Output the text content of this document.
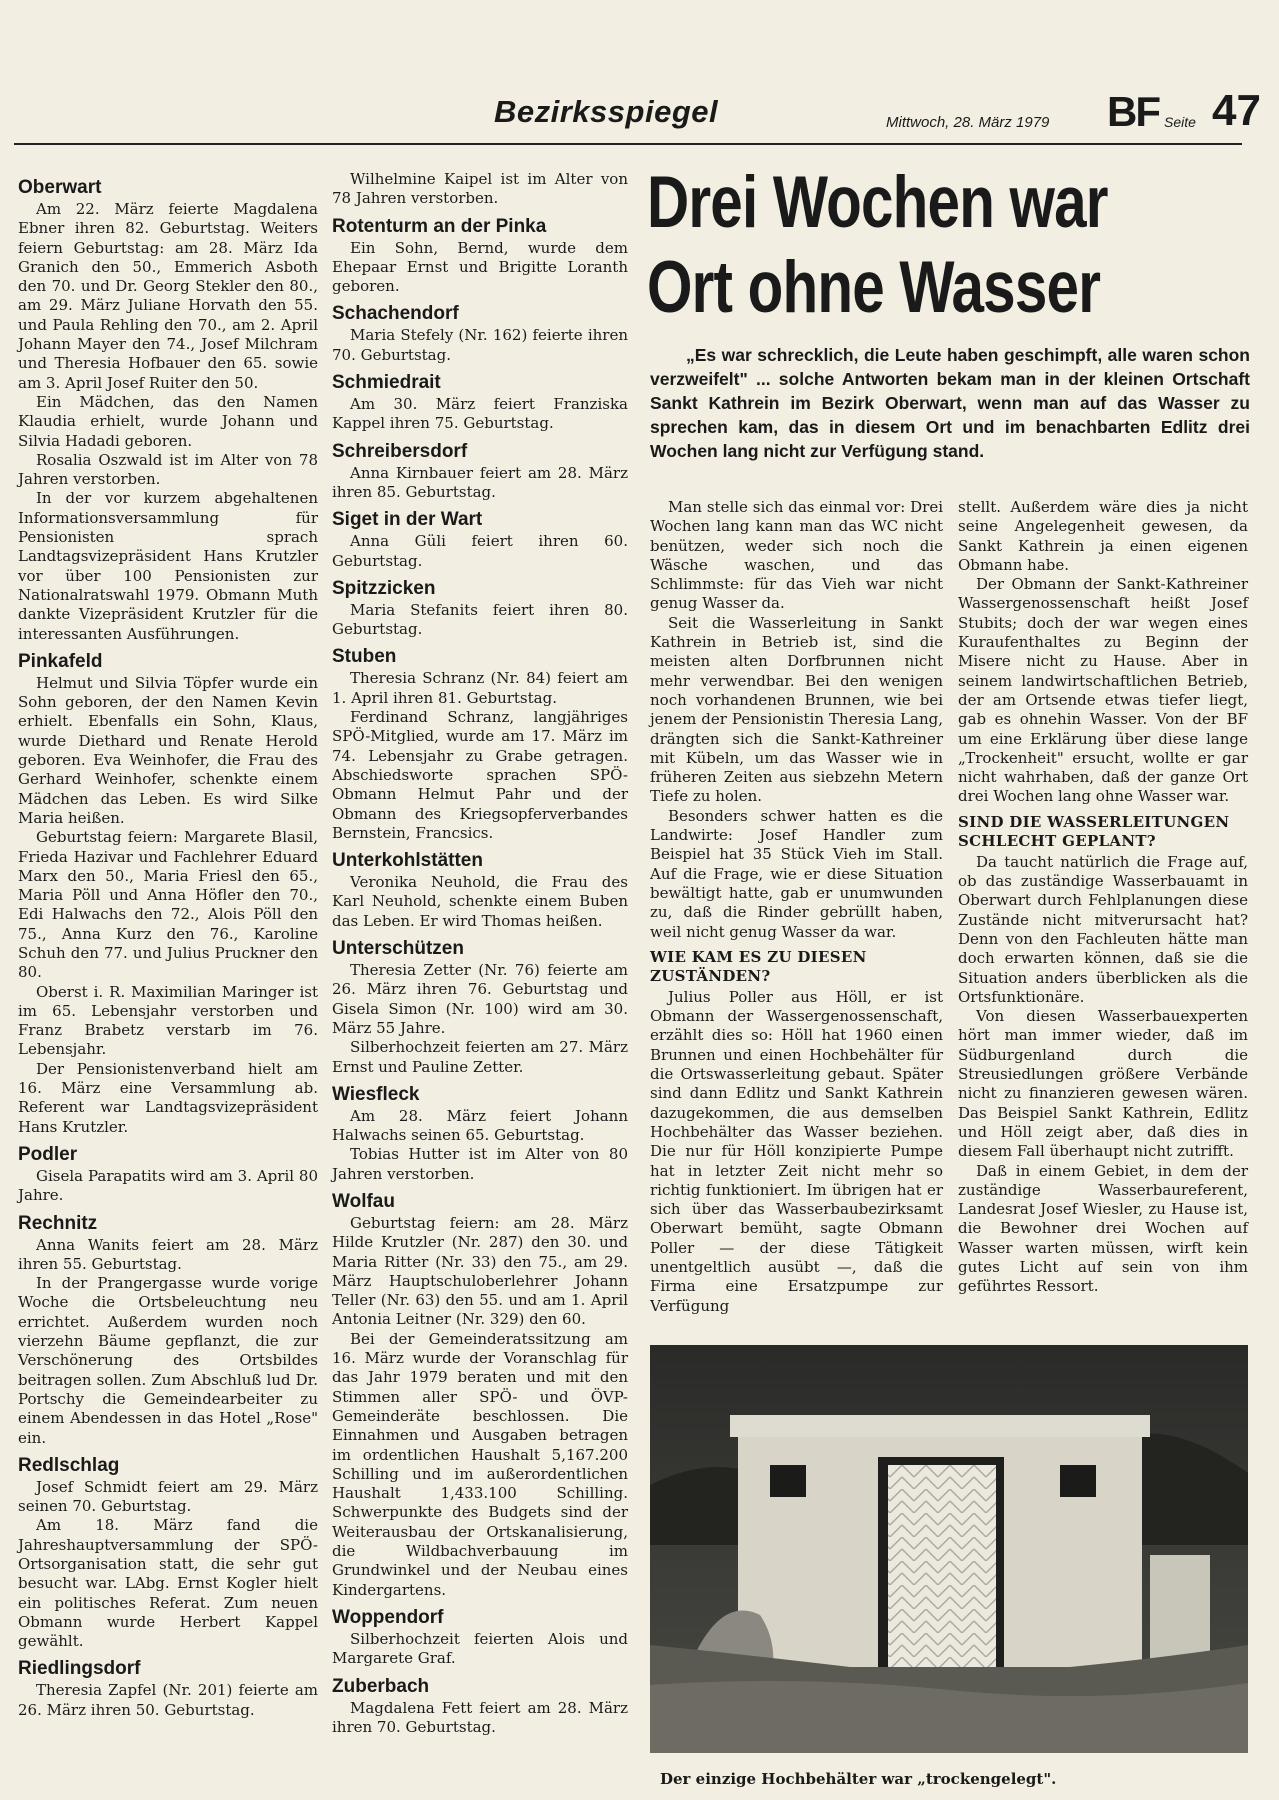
Bezirksspiegel	Mittwoch, 28. März 1979 BF Seite 47
Oberwart

Am 22. März feierte Magdalena Ebner ihren 82. Geburtstag. Weiters feiern Geburtstag: am 28. März Ida Granich den 50., Emmerich Asboth den 70. und Dr. Georg Stekler den 80., am 29. März Juliane Horvath den 55. und Paula Rehling den 70., am 2. April Johann Mayer den 74., Josef Milchram und Theresia Hofbauer den 65. sowie am 3. April Josef Ruiter den 50.

Ein Mädchen, das den Namen Klaudia erhielt, wurde Johann und Silvia Hadadi geboren.

Rosalia Oszwald ist im Alter von 78 Jahren verstorben.

In der vor kurzem abgehaltenen Informationsversammlung für Pensionisten sprach Landtagsvizepräsident Hans Krutzler vor über 100 Pensionisten zur Nationalratswahl 1979. Obmann Muth dankte Vizepräsident Krutzler für die interessanten Ausführungen.

Pinkafeld

Helmut und Silvia Töpfer wurde ein Sohn geboren, der den Namen Kevin erhielt. Ebenfalls ein Sohn, Klaus, wurde Diethard und Renate Herold geboren. Eva Weinhofer, die Frau des Gerhard Weinhofer, schenkte einem Mädchen das Leben. Es wird Silke Maria heißen.

Geburtstag feiern: Margarete Blasil, Frieda Hazivar und Fachlehrer Eduard Marx den 50., Maria Friesl den 65., Maria Pöll und Anna Höfler den 70., Edi Halwachs den 72., Alois Pöll den 75., Anna Kurz den 76., Karoline Schuh den 77. und Julius Pruckner den 80.

Oberst i. R. Maximilian Maringer ist im 65. Lebensjahr verstorben und Franz Brabetz verstarb im 76. Lebensjahr.

Der Pensionistenverband hielt am 16. März eine Versammlung ab. Referent war Landtagsvizepräsident Hans Krutzler.

Podler

Gisela Parapatits wird am 3. April 80 Jahre.

Rechnitz

Anna Wanits feiert am 28. März ihren 55. Geburtstag.

In der Prangergasse wurde vorige Woche die Ortsbeleuchtung neu errichtet. Außerdem wurden noch vierzehn Bäume gepflanzt, die zur Verschönerung des Ortsbildes beitragen sollen. Zum Abschluß lud Dr. Portschy die Gemeindearbeiter zu einem Abendessen in das Hotel „Rose" ein.

Redlschlag

Josef Schmidt feiert am 29. März seinen 70. Geburtstag.

Am 18. März fand die Jahreshauptversammlung der SPÖ-Ortsorganisation statt, die sehr gut besucht war. LAbg. Ernst Kogler hielt ein politisches Referat. Zum neuen Obmann wurde Herbert Kappel gewählt.

Riedlingsdorf

Theresia Zapfel (Nr. 201) feierte am 26. März ihren 50. Geburtstag.

Wilhelmine Kaipel ist im Alter von 78 Jahren verstorben.

Rotenturm an der Pinka

Ein Sohn, Bernd, wurde dem Ehepaar Ernst und Brigitte Loranth geboren.

Schachendorf

Maria Stefely (Nr. 162) feierte ihren 70. Geburtstag.

Schmiedrait

Am 30. März feiert Franziska Kappel ihren 75. Geburtstag.

Schreibersdorf

Anna Kirnbauer feiert am 28. März ihren 85. Geburtstag.

Siget in der Wart

Anna Güli feiert ihren 60. Geburtstag.

Spitzzicken

Maria Stefanits feiert ihren 80. Geburtstag.

Stuben

Theresia Schranz (Nr. 84) feiert am 1. April ihren 81. Geburtstag.

Ferdinand Schranz, langjähriges SPÖ-Mitglied, wurde am 17. März im 74. Lebensjahr zu Grabe getragen. Abschiedsworte sprachen SPÖ-Obmann Helmut Pahr und der Obmann des Kriegsopferverbandes Bernstein, Francsics.

Unterkohlstätten

Veronika Neuhold, die Frau des Karl Neuhold, schenkte einem Buben das Leben. Er wird Thomas heißen.

Unterschützen

Theresia Zetter (Nr. 76) feierte am 26. März ihren 76. Geburtstag und Gisela Simon (Nr. 100) wird am 30. März 55 Jahre.

Silberhochzeit feierten am 27. März Ernst und Pauline Zetter.

Wiesfleck

Am 28. März feiert Johann Halwachs seinen 65. Geburtstag.

Tobias Hutter ist im Alter von 80 Jahren verstorben.

Wolfau

Geburtstag feiern: am 28. März Hilde Krutzler (Nr. 287) den 30. und Maria Ritter (Nr. 33) den 75., am 29. März Hauptschuloberlehrer Johann Teller (Nr. 63) den 55. und am 1. April Antonia Leitner (Nr. 329) den 60.

Bei der Gemeinderatssitzung am 16. März wurde der Voranschlag für das Jahr 1979 beraten und mit den Stimmen aller SPÖ- und ÖVP-Gemeinderäte beschlossen. Die Einnahmen und Ausgaben betragen im ordentlichen Haushalt 5,167.200 Schilling und im außerordentlichen Haushalt 1,433.100 Schilling. Schwerpunkte des Budgets sind der Weiterausbau der Ortskanalisierung, die Wildbachverbauung im Grundwinkel und der Neubau eines Kindergartens.

Woppendorf

Silberhochzeit feierten Alois und Margarete Graf.

Zuberbach

Magdalena Fett feiert am 28. März ihren 70. Geburtstag.

Drei Wochen war
Ort ohne Wasser

„Es war schrecklich, die Leute haben geschimpft, alle waren schon verzweifelt" ... solche Antworten bekam man in der kleinen Ortschaft Sankt Kathrein im Bezirk Oberwart, wenn man auf das Wasser zu sprechen kam, das in diesem Ort und im benachbarten Edlitz drei Wochen lang nicht zur Verfügung stand.

Man stelle sich das einmal vor: Drei Wochen lang kann man das WC nicht benützen, weder sich noch die Wäsche waschen, und das Schlimmste: für das Vieh war nicht genug Wasser da.

Seit die Wasserleitung in Sankt Kathrein in Betrieb ist, sind die meisten alten Dorfbrunnen nicht mehr verwendbar. Bei den wenigen noch vorhandenen Brunnen, wie bei jenem der Pensionistin Theresia Lang, drängten sich die Sankt-Kathreiner mit Kübeln, um das Wasser wie in früheren Zeiten aus siebzehn Metern Tiefe zu holen.

Besonders schwer hatten es die Landwirte: Josef Handler zum Beispiel hat 35 Stück Vieh im Stall. Auf die Frage, wie er diese Situation bewältigt hatte, gab er unumwunden zu, daß die Rinder gebrüllt haben, weil nicht genug Wasser da war.

WIE KAM ES ZU DIESEN ZUSTÄNDEN?

Julius Poller aus Höll, er ist Obmann der Wassergenossenschaft, erzählt dies so: Höll hat 1960 einen Brunnen und einen Hochbehälter für die Ortswasserleitung gebaut. Später sind dann Edlitz und Sankt Kathrein dazugekommen, die aus demselben Hochbehälter das Wasser beziehen. Die nur für Höll konzipierte Pumpe hat in letzter Zeit nicht mehr so richtig funktioniert. Im übrigen hat er sich über das Wasserbaubezirksamt Oberwart bemüht, sagte Obmann Poller — der diese Tätigkeit unentgeltlich ausübt —, daß die Firma eine Ersatzpumpe zur Verfügung

stellt. Außerdem wäre dies ja nicht seine Angelegenheit gewesen, da Sankt Kathrein ja einen eigenen Obmann habe.

Der Obmann der Sankt-Kathreiner Wassergenossenschaft heißt Josef Stubits; doch der war wegen eines Kuraufenthaltes zu Beginn der Misere nicht zu Hause. Aber in seinem landwirtschaftlichen Betrieb, der am Ortsende etwas tiefer liegt, gab es ohnehin Wasser. Von der BF um eine Erklärung über diese lange „Trockenheit" ersucht, wollte er gar nicht wahrhaben, daß der ganze Ort drei Wochen lang ohne Wasser war.

SIND DIE WASSERLEITUNGEN SCHLECHT GEPLANT?

Da taucht natürlich die Frage auf, ob das zuständige Wasserbauamt in Oberwart durch Fehlplanungen diese Zustände nicht mitverursacht hat? Denn von den Fachleuten hätte man doch erwarten können, daß sie die Situation anders überblicken als die Ortsfunktionäre.

Von diesen Wasserbauexperten hört man immer wieder, daß im Südburgenland durch die Streusiedlungen größere Verbände nicht zu finanzieren gewesen wären. Das Beispiel Sankt Kathrein, Edlitz und Höll zeigt aber, daß dies in diesem Fall überhaupt nicht zutrifft.

Daß in einem Gebiet, in dem der zuständige Wasserbaureferent, Landesrat Josef Wiesler, zu Hause ist, die Bewohner drei Wochen auf Wasser warten müssen, wirft kein gutes Licht auf sein von ihm geführtes Ressort.

Der einzige Hochbehälter war „trockengelegt".
